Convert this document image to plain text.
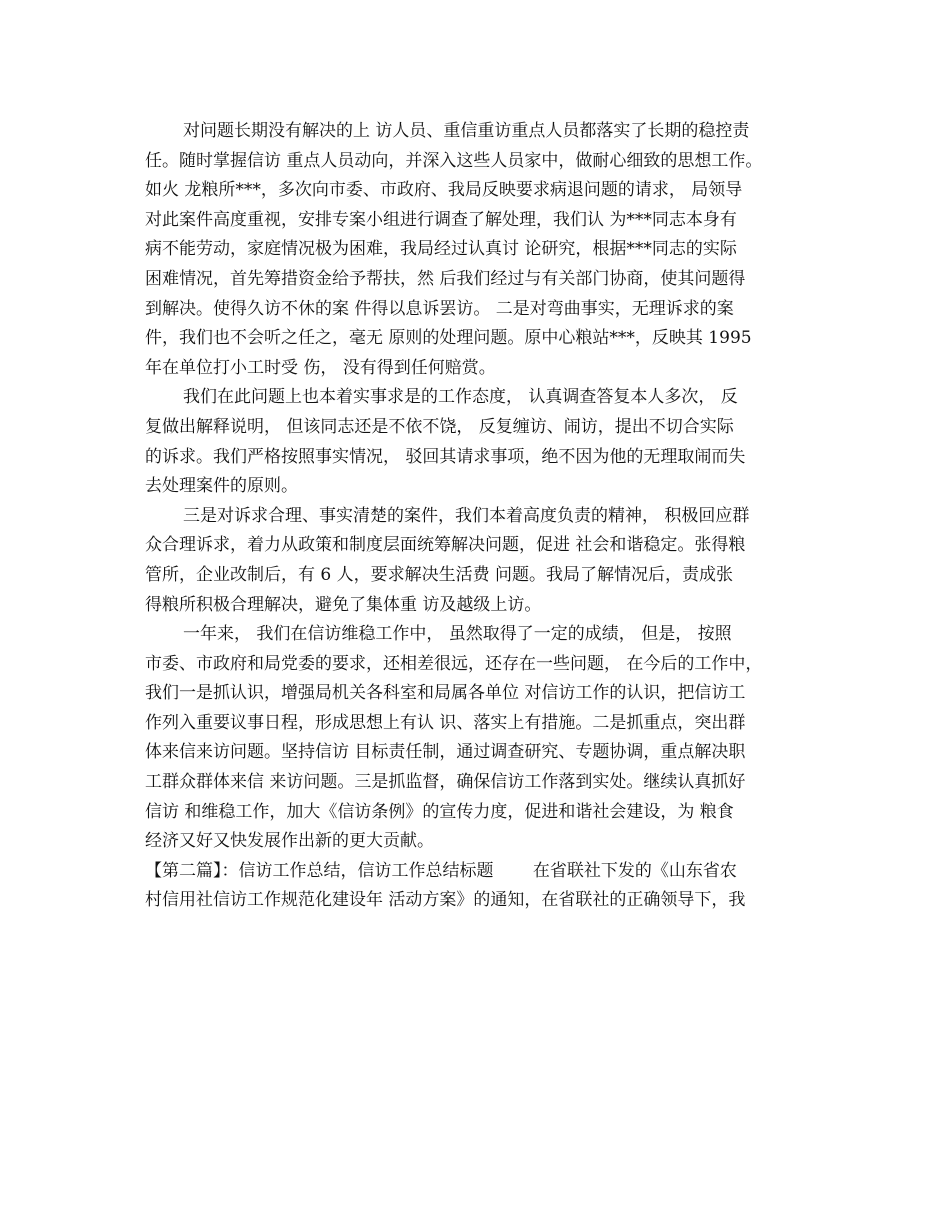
对问题长期没有解决的上 访人员、重信重访重点人员都落实了长期的稳控责
任。随时掌握信访 重点人员动向，并深入这些人员家中，做耐心细致的思想工作。
如火 龙粮所***，多次向市委、市政府、我局反映要求病退问题的请求， 局领导
对此案件高度重视，安排专案小组进行调查了解处理，我们认 为***同志本身有
病不能劳动，家庭情况极为困难，我局经过认真讨 论研究，根据***同志的实际
困难情况，首先筹措资金给予帮扶，然 后我们经过与有关部门协商，使其问题得
到解决。使得久访不休的案 件得以息诉罢访。 二是对弯曲事实，无理诉求的案
件，我们也不会听之任之，毫无 原则的处理问题。原中心粮站***，反映其 1995
年在单位打小工时受 伤， 没有得到任何赔赏。
我们在此问题上也本着实事求是的工作态度， 认真调查答复本人多次， 反
复做出解释说明， 但该同志还是不依不饶， 反复缠访、闹访，提出不切合实际
的诉求。我们严格按照事实情况， 驳回其请求事项，绝不因为他的无理取闹而失
去处理案件的原则。
三是对诉求合理、事实清楚的案件，我们本着高度负责的精神， 积极回应群
众合理诉求，着力从政策和制度层面统筹解决问题，促进 社会和谐稳定。张得粮
管所，企业改制后，有 6 人，要求解决生活费 问题。我局了解情况后，责成张
得粮所积极合理解决，避免了集体重 访及越级上访。
一年来， 我们在信访维稳工作中， 虽然取得了一定的成绩， 但是， 按照
市委、市政府和局党委的要求，还相差很远，还存在一些问题， 在今后的工作中，
我们一是抓认识，增强局机关各科室和局属各单位 对信访工作的认识，把信访工
作列入重要议事日程，形成思想上有认 识、落实上有措施。二是抓重点，突出群
体来信来访问题。坚持信访 目标责任制，通过调查研究、专题协调，重点解决职
工群众群体来信 来访问题。三是抓监督，确保信访工作落到实处。继续认真抓好
信访 和维稳工作，加大《信访条例》的宣传力度，促进和谐社会建设，为 粮食
经济又好又快发展作出新的更大贡献。
【第二篇】：信访工作总结，信访工作总结标题 　　在省联社下发的《山东省农
村信用社信访工作规范化建设年 活动方案》的通知，在省联社的正确领导下，我
